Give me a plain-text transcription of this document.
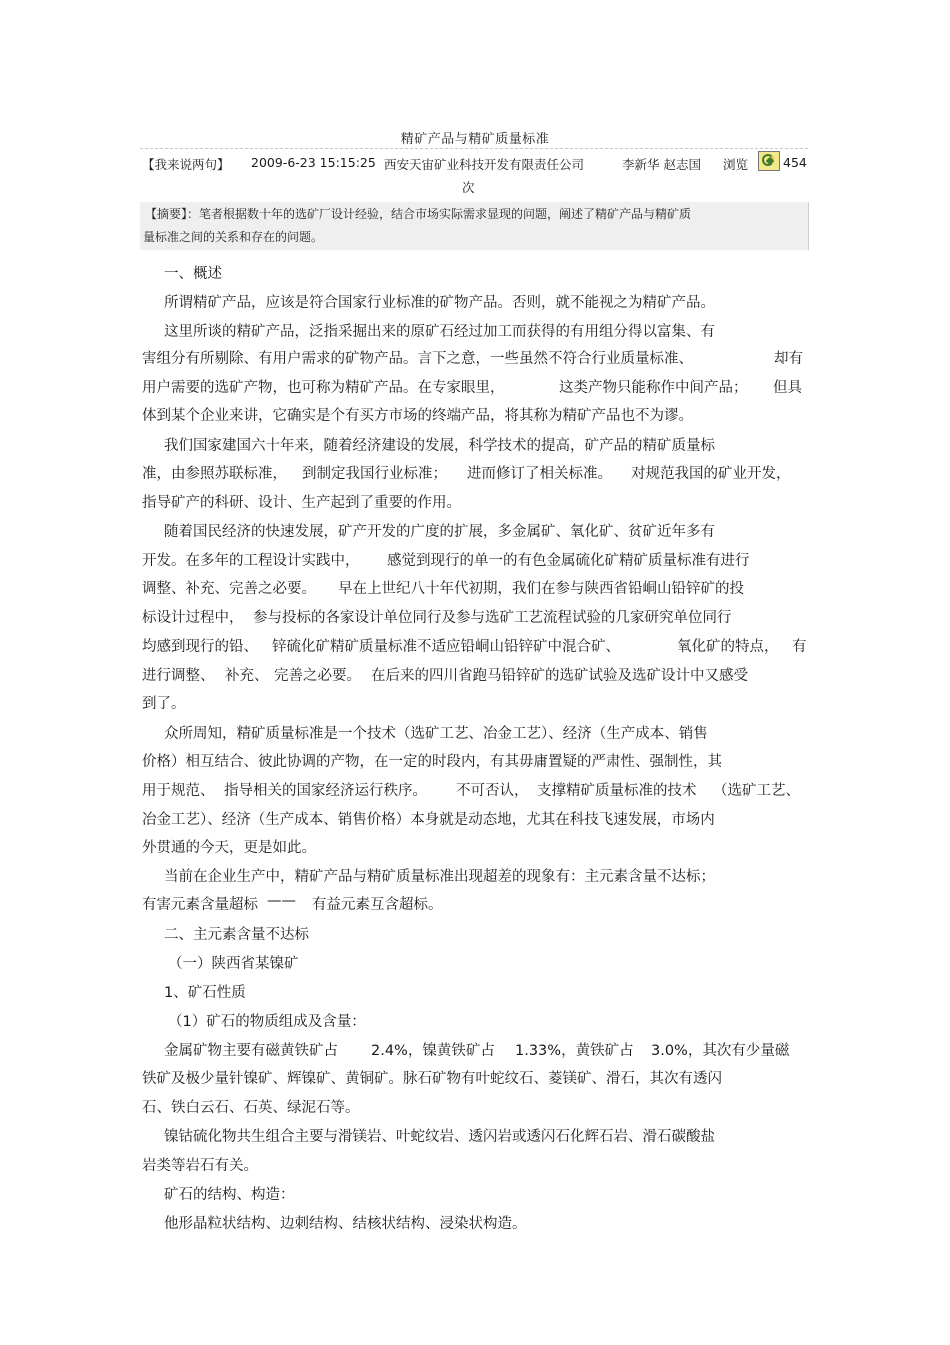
精矿产品与精矿质量标准
【我来说两句】 2009-6-23 15:15:25 西安天宙矿业科技开发有限责任公司	李新华 赵志国 浏览	454
次
【摘要】：笔者根据数十年的选矿厂设计经验，结合市场实际需求显现的问题，阐述了精矿产品与精矿质
量标准之间的关系和存在的问题。
一、概述
所谓精矿产品，应该是符合国家行业标准的矿物产品。否则，就不能视之为精矿产品。
这里所谈的精矿产品，泛指采掘出来的原矿石经过加工而获得的有用组分得以富集、有
害组分有所剔除、有用户需求的矿物产品。言下之意，一些虽然不符合行业质量标准、	却有
用户需要的选矿产物，也可称为精矿产品。在专家眼里，	这类产物只能称作中间产品； 但具
体到某个企业来讲，它确实是个有买方市场的终端产品，将其称为精矿产品也不为谬。
我们国家建国六十年来，随着经济建设的发展，科学技术的提高，矿产品的精矿质量标
准，由参照苏联标准， 到制定我国行业标准； 进而修订了相关标准。 对规范我国的矿业开发，
指导矿产的科研、设计、生产起到了重要的作用。
随着国民经济的快速发展，矿产开发的广度的扩展，多金属矿、氧化矿、贫矿近年多有
开发。在多年的工程设计实践中， 感觉到现行的单一的有色金属硫化矿精矿质量标准有进行
调整、补充、完善之必要。 早在上世纪八十年代初期，我们在参与陕西省铅峒山铅锌矿的投
标设计过程中， 参与投标的各家设计单位同行及参与选矿工艺流程试验的几家研究单位同行
均感到现行的铅、 锌硫化矿精矿质量标准不适应铅峒山铅锌矿中混合矿、	氧化矿的特点， 有
进行调整、 补充、 完善之必要。 在后来的四川省跑马铅锌矿的选矿试验及选矿设计中又感受
到了。
众所周知，精矿质量标准是一个技术（选矿工艺、冶金工艺）、经济（生产成本、销售
价格）相互结合、彼此协调的产物，在一定的时段内，有其毋庸置疑的严肃性、强制性，其
用于规范、 指导相关的国家经济运行秩序。 不可否认， 支撑精矿质量标准的技术 （选矿工艺、
冶金工艺）、经济（生产成本、销售价格）本身就是动态地，尤其在科技飞速发展，市场内
外贯通的今天，更是如此。
当前在企业生产中，精矿产品与精矿质量标准出现超差的现象有：主元素含量不达标；
有害元素含量超标 —— 有益元素互含超标。
二、主元素含量不达标
（一）陕西省某镍矿
1、矿石性质
（1）矿石的物质组成及含量：
金属矿物主要有磁黄铁矿占 2.4%，镍黄铁矿占 1.33%，黄铁矿占 3.0%，其次有少量磁
铁矿及极少量针镍矿、辉镍矿、黄铜矿。脉石矿物有叶蛇纹石、菱镁矿、滑石，其次有透闪
石、铁白云石、石英、绿泥石等。
镍钴硫化物共生组合主要与滑镁岩、叶蛇纹岩、透闪岩或透闪石化辉石岩、滑石碳酸盐
岩类等岩石有关。
矿石的结构、构造：
他形晶粒状结构、边刺结构、结核状结构、浸染状构造。
